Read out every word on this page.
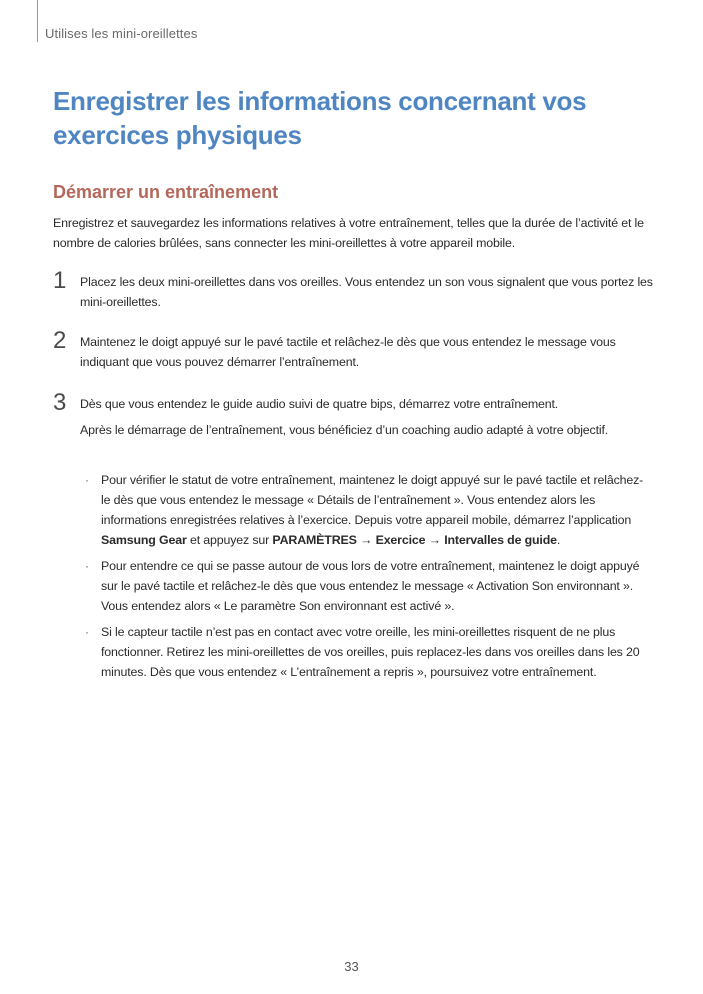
Utilises les mini-oreillettes
Enregistrer les informations concernant vos exercices physiques
Démarrer un entraînement

Enregistrez et sauvegardez les informations relatives à votre entraînement, telles que la durée de l’activité et le nombre de calories brûlées, sans connecter les mini-oreillettes à votre appareil mobile.

1 Placez les deux mini-oreillettes dans vos oreilles. Vous entendez un son vous signalent que vous portez les mini-oreillettes.

2 Maintenez le doigt appuyé sur le pavé tactile et relâchez-le dès que vous entendez le message vous indiquant que vous pouvez démarrer l’entraînement.

3 Dès que vous entendez le guide audio suivi de quatre bips, démarrez votre entraînement.

Après le démarrage de l’entraînement, vous bénéficiez d’un coaching audio adapté à votre objectif.

· Pour vérifier le statut de votre entraînement, maintenez le doigt appuyé sur le pavé tactile et relâchez-le dès que vous entendez le message « Détails de l’entraînement ». Vous entendez alors les informations enregistrées relatives à l’exercice. Depuis votre appareil mobile, démarrez l’application Samsung Gear et appuyez sur PARAMÈTRES → Exercice → Intervalles de guide.
· Pour entendre ce qui se passe autour de vous lors de votre entraînement, maintenez le doigt appuyé sur le pavé tactile et relâchez-le dès que vous entendez le message « Activation Son environnant ». Vous entendez alors « Le paramètre Son environnant est activé ».
· Si le capteur tactile n’est pas en contact avec votre oreille, les mini-oreillettes risquent de ne plus fonctionner. Retirez les mini-oreillettes de vos oreilles, puis replacez-les dans vos oreilles dans les 20 minutes. Dès que vous entendez « L’entraînement a repris », poursuivez votre entraînement.
33
